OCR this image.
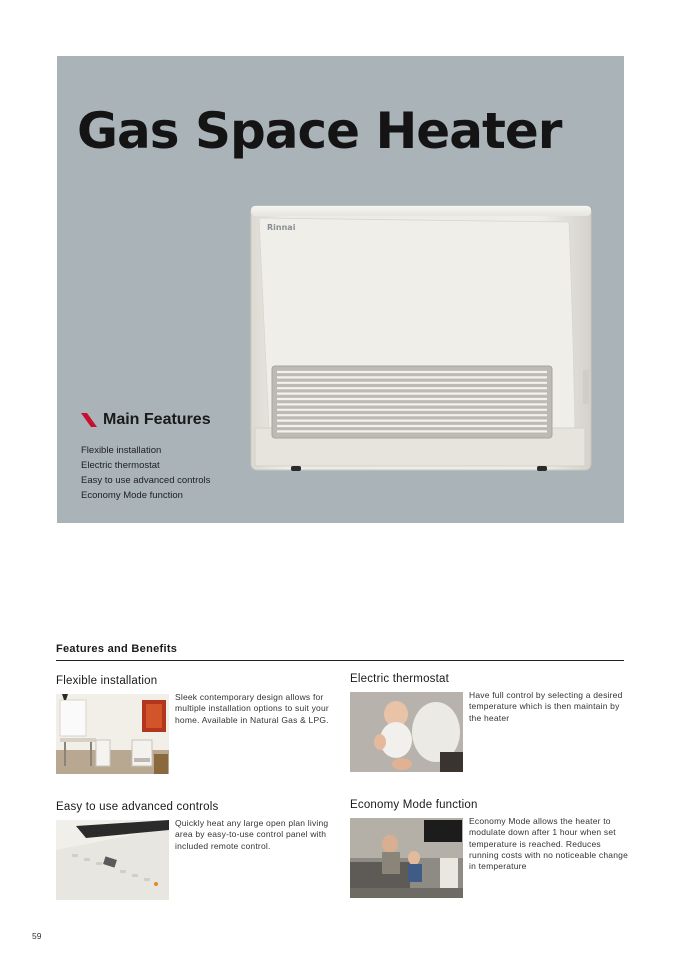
Gas Space Heater
Rinnai
Main Features
Flexible installation
Electric thermostat
Easy to use advanced controls
Economy Mode function
Features and Benefits
Flexible installation

Sleek contemporary design allows for multiple installation options to suit your home. Available in Natural Gas & LPG.

Electric thermostat

Have full control by selecting a desired temperature which is then maintain by the heater

Easy to use advanced controls

Quickly heat any large open plan living area by easy-to-use control panel with included remote control.

Economy Mode function

Economy Mode allows the heater to modulate down after 1 hour when set temperature is reached. Reduces running costs with no noticeable change in temperature

59
